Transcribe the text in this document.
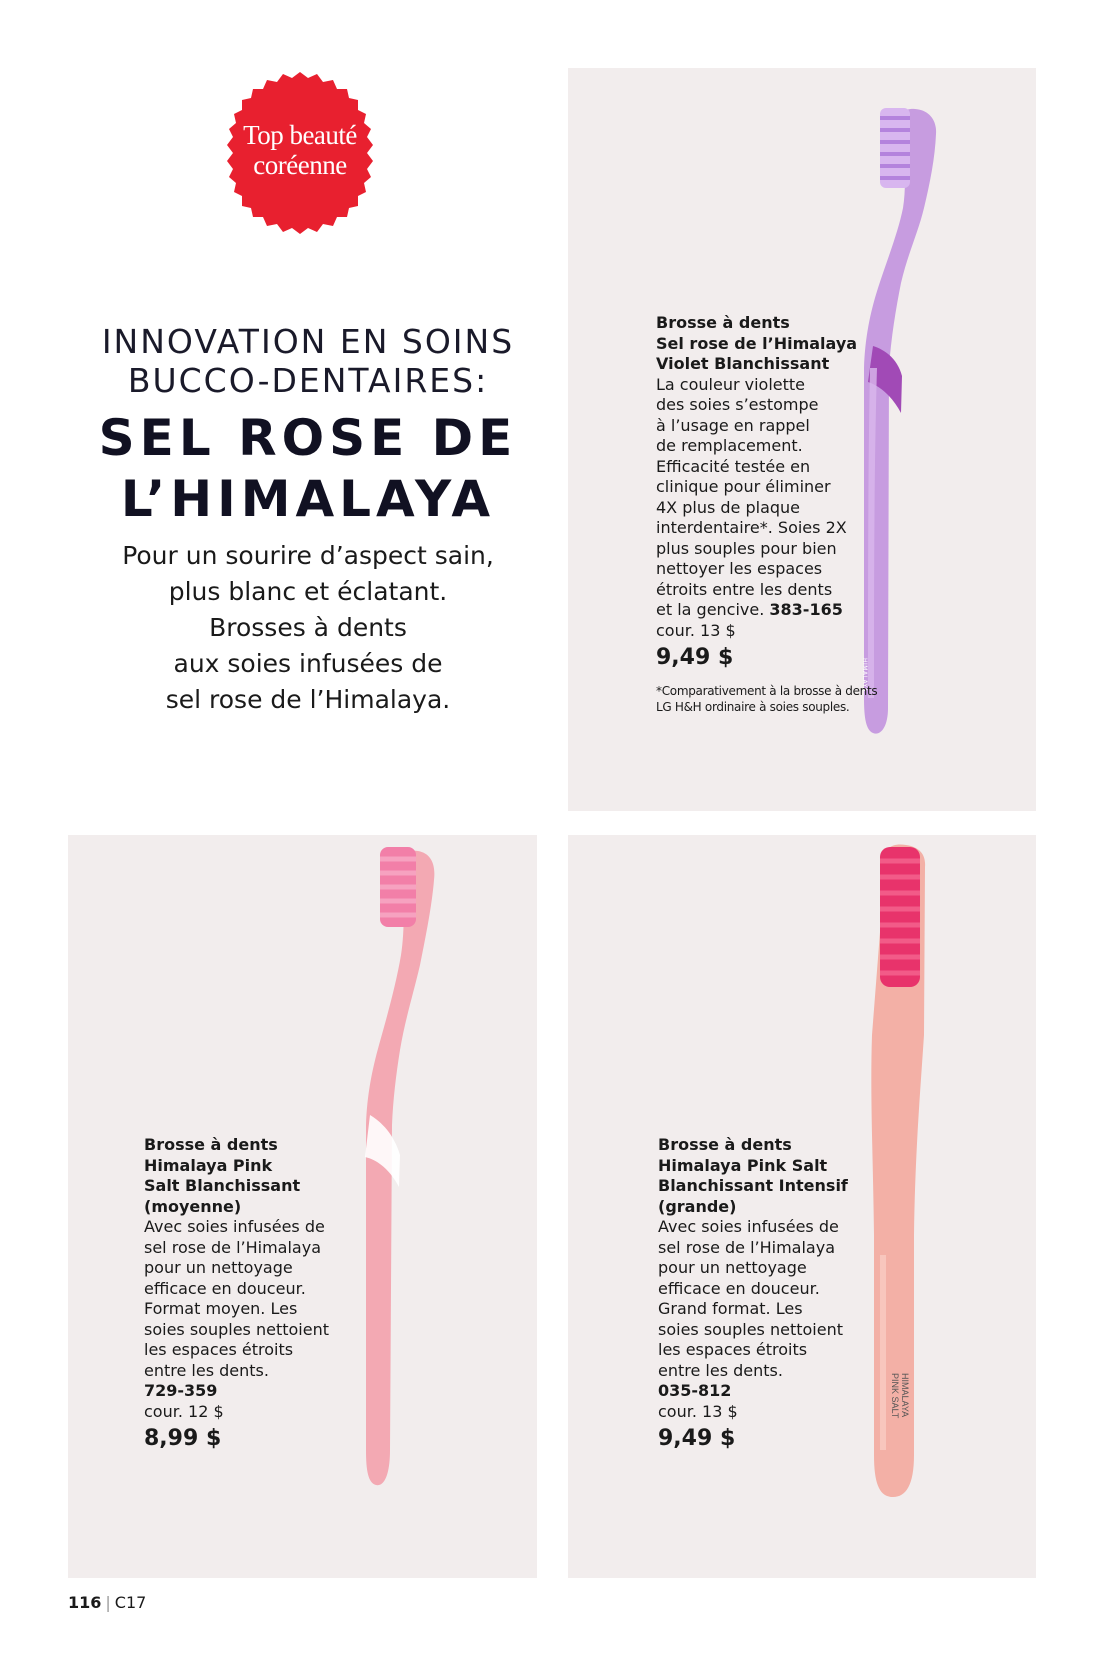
Top beauté
coréenne
INNOVATION EN SOINS
BUCCO-DENTAIRES:
SEL ROSE DE
L’HIMALAYA
Pour un sourire d’aspect sain,
plus blanc et éclatant.
Brosses à dents
aux soies infusées de
sel rose de l’Himalaya.
HIMALAYA
Brosse à dents
Sel rose de l’Himalaya
Violet Blanchissant
La couleur violette
des soies s’estompe
à l’usage en rappel
de remplacement.
Efficacité testée en
clinique pour éliminer
4X plus de plaque
interdentaire*. Soies 2X
plus souples pour bien
nettoyer les espaces
étroits entre les dents
et la gencive. 383-165
cour. 13 $
9,49 $
*Comparativement à la brosse à dents
LG H&H ordinaire à soies souples.
Brosse à dents
Himalaya Pink
Salt Blanchissant
(moyenne)
Avec soies infusées de
sel rose de l’Himalaya
pour un nettoyage
efficace en douceur.
Format moyen. Les
soies souples nettoient
les espaces étroits
entre les dents.
729-359
cour. 12 $
8,99 $
HIMALAYA
PINK SALT
Brosse à dents
Himalaya Pink Salt
Blanchissant Intensif
(grande)
Avec soies infusées de
sel rose de l’Himalaya
pour un nettoyage
efficace en douceur.
Grand format. Les
soies souples nettoient
les espaces étroits
entre les dents.
035-812
cour. 13 $
9,49 $
116 | C17
